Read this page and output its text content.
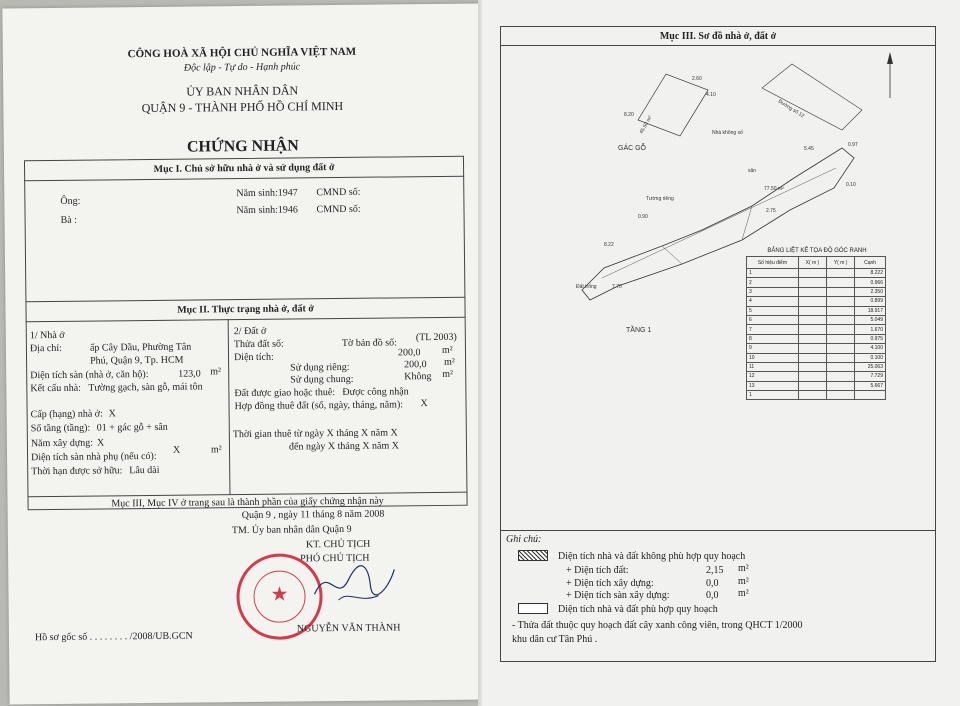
CÔNG HOÀ XÃ HỘI CHỦ NGHĨA VIỆT NAM
Độc lập - Tự do - Hạnh phúc
ỦY BAN NHÂN DÂN
QUẬN 9 - THÀNH PHỐ HỒ CHÍ MINH
CHỨNG NHẬN
Mục I. Chủ sở hữu nhà ở và sử dụng đất ở
Ông:
Năm sinh:1947 CMND số:
Bà :
Năm sinh:1946 CMND số:
Mục II. Thực trạng nhà ở, đất ở
1/ Nhà ở
Địa chỉ:	ấp Cây Dầu, Phường Tân
Phú, Quận 9, Tp. HCM
Diện tích sàn (nhà ở, căn hộ):	123,0 m²
Kết cấu nhà: Tường gạch, sàn gỗ, mái tôn
Cấp (hạng) nhà ở: X
Số tầng (tầng): 01 + gác gỗ + sân
Năm xây dựng: X
Diện tích sàn nhà phụ (nếu có):
X	m²
Thời hạn được sở hữu: Lâu dài
2/ Đất ở
Thửa đất số:	Tờ bản đồ số: (TL 2003)
Diện tích:	200,0 m²
Sử dụng riêng:	200,0 m²
Sử dụng chung:	Không m²
Đất được giao hoặc thuê: Được công nhận
Hợp đồng thuê đất (số, ngày, tháng, năm): X
Thời gian thuê từ ngày X tháng X năm X
đến ngày X tháng X năm X
Mục III, Mục IV ở trang sau là thành phần của giấy chứng nhận này
Quận 9 , ngày 11 tháng 8 năm 2008
TM. Ủy ban nhân dân Quận 9
KT. CHỦ TỊCH
PHÓ CHỦ TỊCH
★
NGUYỄN VĂN THÀNH
Hồ sơ gốc số . . . . . . . . /2008/UB.GCN
Mục III. Sơ đồ nhà ở, đất ở
45.50 m²
GÁC GỖ
TẦNG 1
Đường số 12
Nhà không số
Tường riêng
77.50 m²
sân
Đất trống
8.20
2.60
4.10
5.45
0.97
8.22
2.75
0.90
7.70
0.10
BẢNG LIỆT KÊ TỌA ĐỘ GÓC RANH
Số hiệu điểm	X( m )	Y( m )	Cạnh
1			8.222
2			0.966
3			2.350
4			0.899
5			18.917
6			5.049
7			1.670
8			0.975
9			4.100
10			0.100
11			25.063
12			7.729
13			5.667
1			
Ghi chú:
Diện tích nhà và đất không phù hợp quy hoạch
+ Diện tích đất:	2,15 m²
+ Diện tích xây dựng:	0,0 m²
+ Diện tích sàn xây dựng:	0,0 m²
Diện tích nhà và đất phù hợp quy hoạch
- Thửa đất thuộc quy hoạch đất cây xanh công viên, trong QHCT 1/2000
khu dân cư Tân Phú .
